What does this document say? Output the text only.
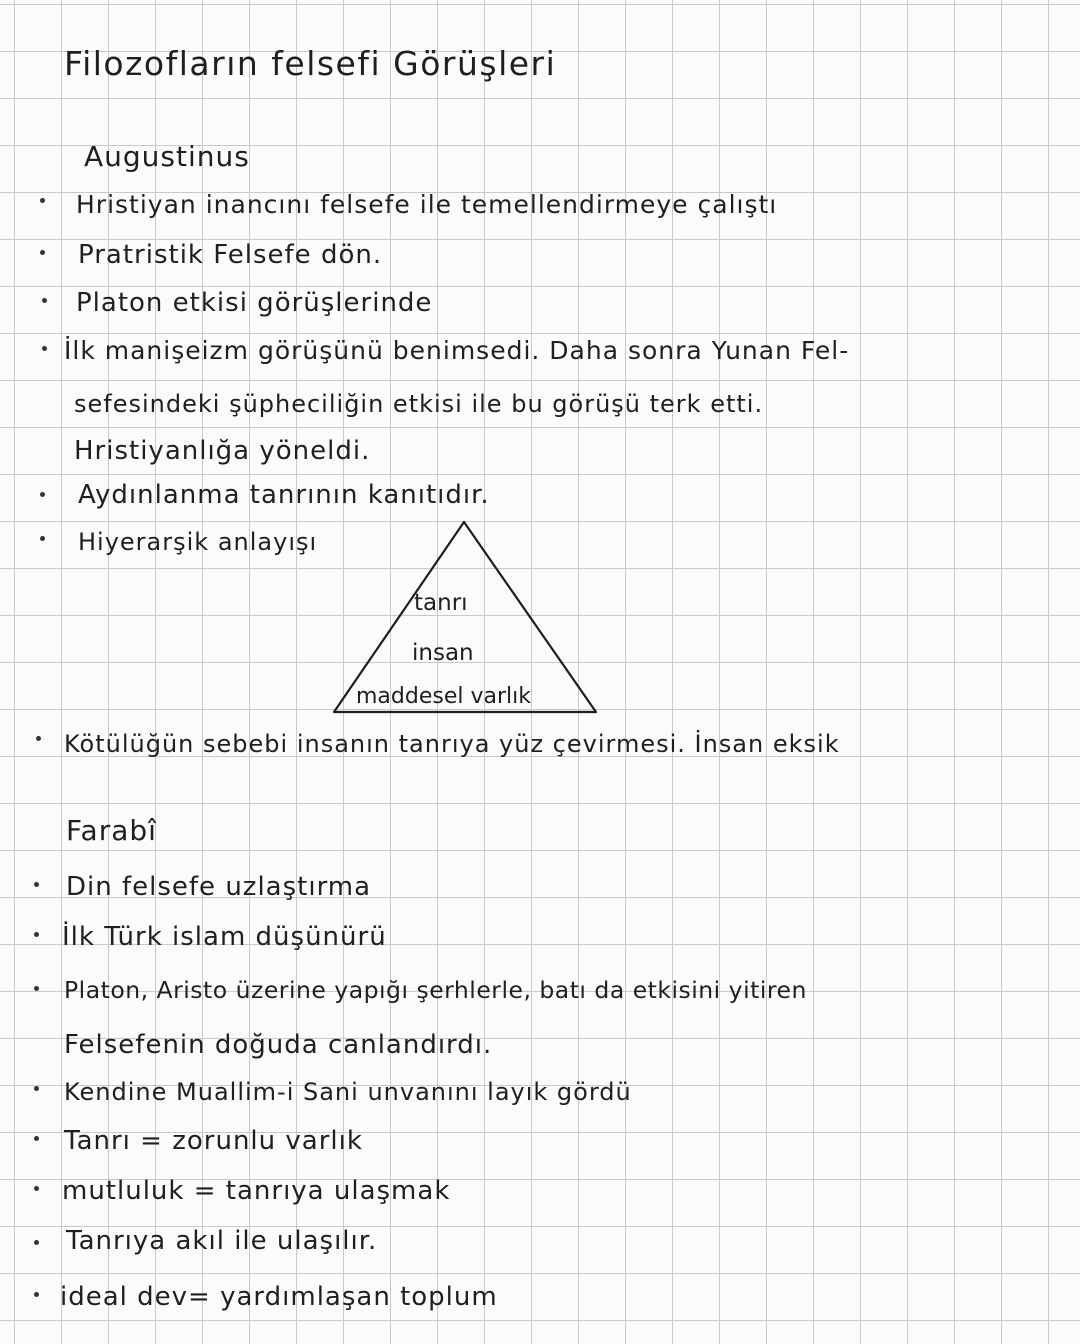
Filozofların felsefi Görüşleri
Augustinus
Hristiyan inancını felsefe ile temellendirmeye çalıştı
Pratristik Felsefe dön.
Platon etkisi görüşlerinde
İlk manişeizm görüşünü benimsedi. Daha sonra Yunan Fel-
sefesindeki şüpheciliğin etkisi ile bu görüşü terk etti.
Hristiyanlığa yöneldi.
Aydınlanma tanrının kanıtıdır.
Hiyerarşik anlayışı
tanrı
insan
maddesel varlık
Kötülüğün sebebi insanın tanrıya yüz çevirmesi. İnsan eksik
Farabî
Din felsefe uzlaştırma
İlk Türk islam düşünürü
Platon, Aristo üzerine yapığı şerhlerle, batı da etkisini yitiren
Felsefenin doğuda canlandırdı.
Kendine Muallim-i Sani unvanını layık gördü
Tanrı = zorunlu varlık
mutluluk = tanrıya ulaşmak
Tanrıya akıl ile ulaşılır.
ideal dev= yardımlaşan toplum
